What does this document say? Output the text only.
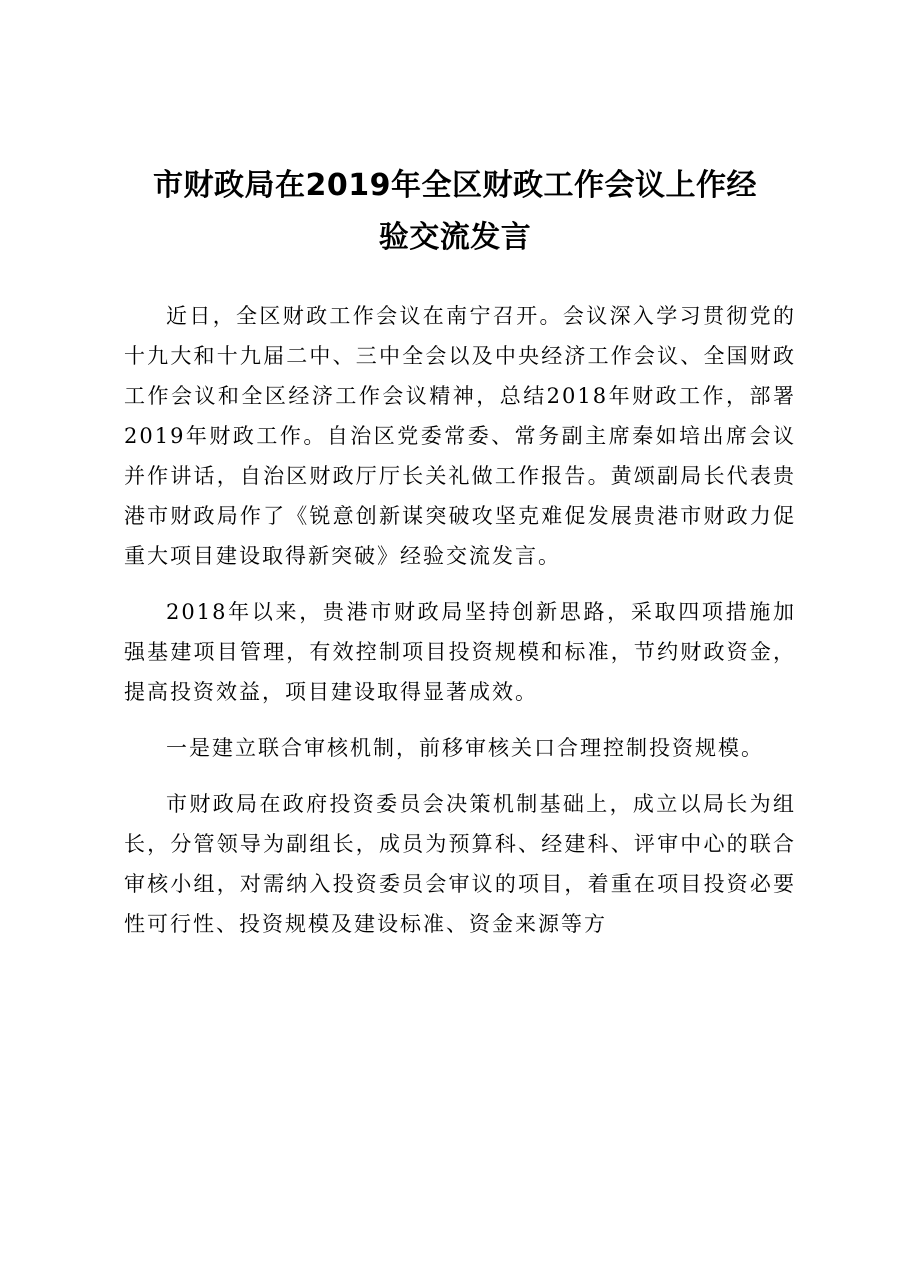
市财政局在2019年全区财政工作会议上作经
验交流发言

近日，全区财政工作会议在南宁召开。会议深入学习贯彻党的十九大和十九届二中、三中全会以及中央经济工作会议、全国财政工作会议和全区经济工作会议精神，总结2018年财政工作，部署2019年财政工作。自治区党委常委、常务副主席秦如培出席会议并作讲话，自治区财政厅厅长关礼做工作报告。黄颂副局长代表贵港市财政局作了《锐意创新谋突破攻坚克难促发展贵港市财政力促重大项目建设取得新突破》经验交流发言。

2018年以来，贵港市财政局坚持创新思路，采取四项措施加强基建项目管理，有效控制项目投资规模和标准，节约财政资金，提高投资效益，项目建设取得显著成效。

一是建立联合审核机制，前移审核关口合理控制投资规模。

市财政局在政府投资委员会决策机制基础上，成立以局长为组长，分管领导为副组长，成员为预算科、经建科、评审中心的联合审核小组，对需纳入投资委员会审议的项目，着重在项目投资必要性可行性、投资规模及建设标准、资金来源等方
